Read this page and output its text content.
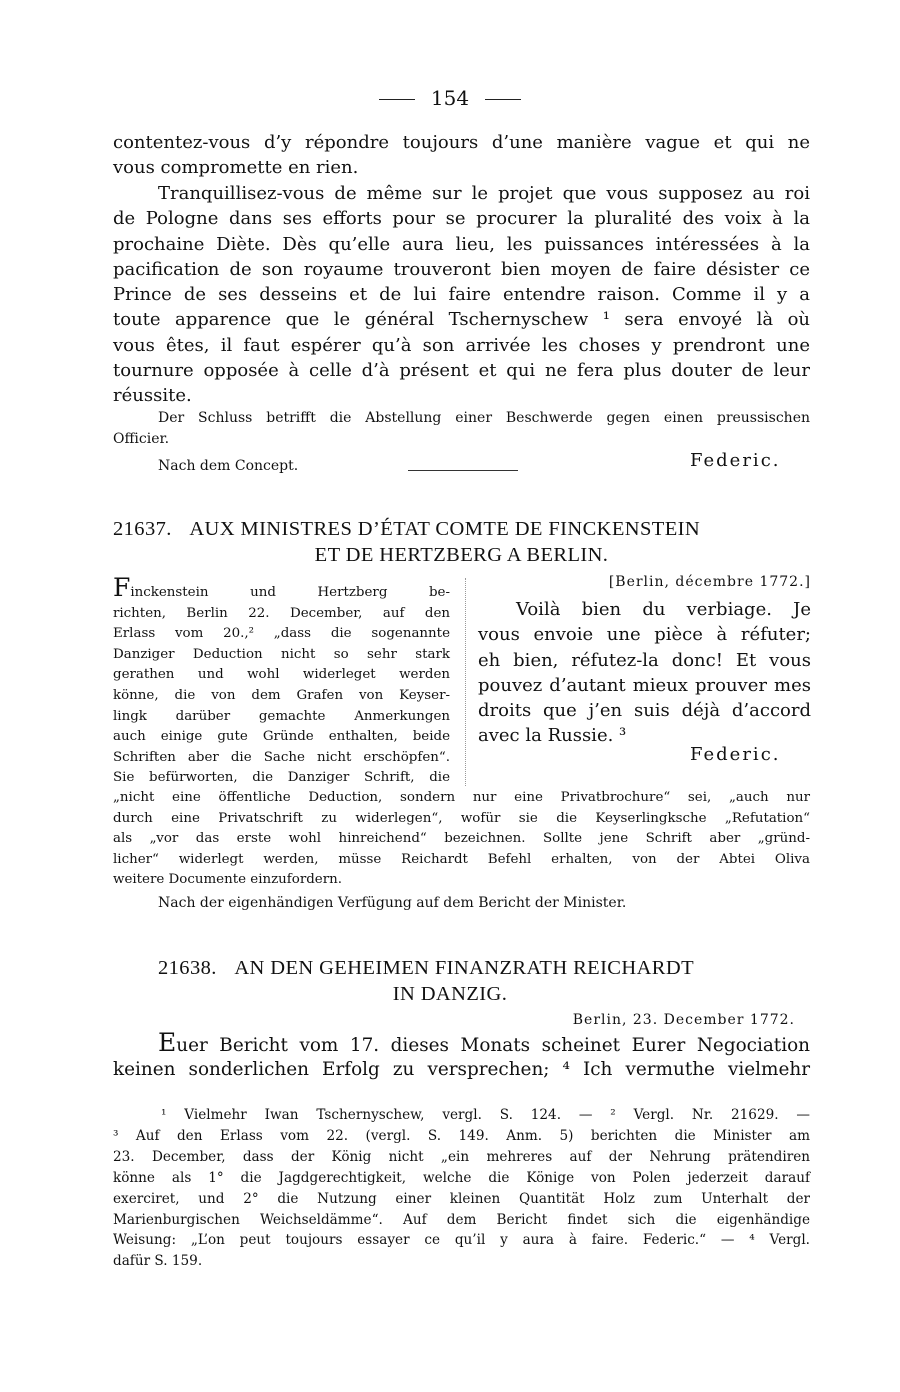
154
contentez-vous d’y répondre toujours d’une manière vague et qui ne
vous compromette en rien.
Tranquillisez-vous de même sur le projet que vous supposez au roi
de Pologne dans ses efforts pour se procurer la pluralité des voix à la
prochaine Diète. Dès qu’elle aura lieu, les puissances intéressées à la
pacification de son royaume trouveront bien moyen de faire désister ce
Prince de ses desseins et de lui faire entendre raison. Comme il y a
toute apparence que le général Tschernyschew ¹ sera envoyé là où
vous êtes, il faut espérer qu’à son arrivée les choses y prendront une
tournure opposée à celle d’à présent et qui ne fera plus douter de leur
réussite.
Der Schluss betrifft die Abstellung einer Beschwerde gegen einen preussischen
Officier.
Nach dem Concept.	Federic.
21637. AUX MINISTRES D’ÉTAT COMTE DE FINCKENSTEIN
ET DE HERTZBERG A BERLIN.
Finckenstein und Hertzberg be-
richten, Berlin 22. December, auf den
Erlass vom 20.,² „dass die sogenannte
Danziger Deduction nicht so sehr stark
gerathen und wohl widerleget werden
könne, die von dem Grafen von Keyser-
lingk darüber gemachte Anmerkungen
auch einige gute Gründe enthalten, beide
Schriften aber die Sache nicht erschöpfen“.
Sie befürworten, die Danziger Schrift, die
[Berlin, décembre 1772.]
Voilà bien du verbiage. Je
vous envoie une pièce à réfuter;
eh bien, réfutez-la donc! Et vous
pouvez d’autant mieux prouver mes
droits que j’en suis déjà d’accord
avec la Russie. ³
Federic.
„nicht eine öffentliche Deduction, sondern nur eine Privatbrochure“ sei, „auch nur
durch eine Privatschrift zu widerlegen“, wofür sie die Keyserlingksche „Refutation“
als „vor das erste wohl hinreichend“ bezeichnen. Sollte jene Schrift aber „gründ-
licher“ widerlegt werden, müsse Reichardt Befehl erhalten, von der Abtei Oliva
weitere Documente einzufordern.
Nach der eigenhändigen Verfügung auf dem Bericht der Minister.
21638. AN DEN GEHEIMEN FINANZRATH REICHARDT
IN DANZIG.
Berlin, 23. December 1772.
Euer Bericht vom 17. dieses Monats scheinet Eurer Negociation
keinen sonderlichen Erfolg zu versprechen; ⁴ Ich vermuthe vielmehr
¹ Vielmehr Iwan Tschernyschew, vergl. S. 124. — ² Vergl. Nr. 21629. —
³ Auf den Erlass vom 22. (vergl. S. 149. Anm. 5) berichten die Minister am
23. December, dass der König nicht „ein mehreres auf der Nehrung prätendiren
könne als 1° die Jagdgerechtigkeit, welche die Könige von Polen jederzeit darauf
exerciret, und 2° die Nutzung einer kleinen Quantität Holz zum Unterhalt der
Marienburgischen Weichseldämme“. Auf dem Bericht findet sich die eigenhändige
Weisung: „L’on peut toujours essayer ce qu’il y aura à faire. Federic.“ — ⁴ Vergl.
dafür S. 159.
